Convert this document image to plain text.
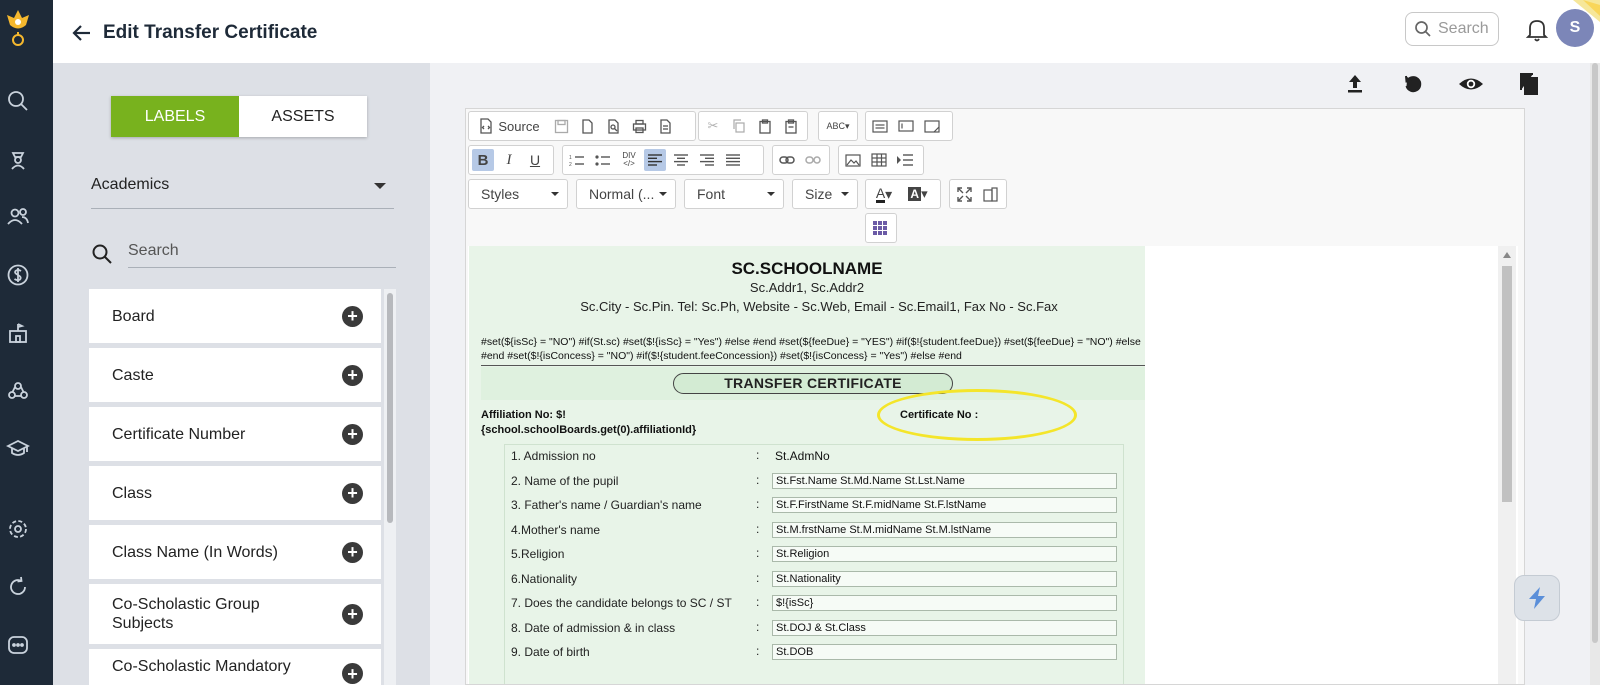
Edit Transfer Certificate	Search	S
LABELS	ASSETS
Academics
Search
Board	+
Caste	+
Certificate Number	+
Class	+
Class Name (In Words)	+
Co-Scholastic Group Subjects	+
Co-Scholastic Mandatory	+
Source	✂	ABC▾
B	I	U	1
2
DIV
</>
Styles	Normal (...	Font	Size	A ▾	A ▾
SC.SCHOOLNAME
Sc.Addr1, Sc.Addr2
Sc.City - Sc.Pin. Tel: Sc.Ph, Website - Sc.Web, Email - Sc.Email1, Fax No - Sc.Fax
#set(${isSc} = "NO") #if(St.sc) #set($!{isSc} = "Yes") #else #end #set(${feeDue} = "YES") #if($!{student.feeDue}) #set(${feeDue} = "NO") #else #end #set($!{isConcess} = "NO") #if($!{student.feeConcession}) #set($!{isConcess} = "Yes") #else #end
TRANSFER CERTIFICATE
Affiliation No: $!{school.schoolBoards.get(0).affiliationId}
Certificate No :
1. Admission no	: St.AdmNo
2. Name of the pupil	:	St.Fst.Name St.Md.Name St.Lst.Name
3. Father's name / Guardian's name	:	St.F.FirstName St.F.midName St.F.lstName
4.Mother's name	:	St.M.frstName St.M.midName St.M.lstName
5.Religion	:	St.Religion
6.Nationality	:	St.Nationality
7. Does the candidate belongs to SC / ST :	$!{isSc}
8. Date of admission & in class	:	St.DOJ & St.Class
9. Date of birth	:	St.DOB
